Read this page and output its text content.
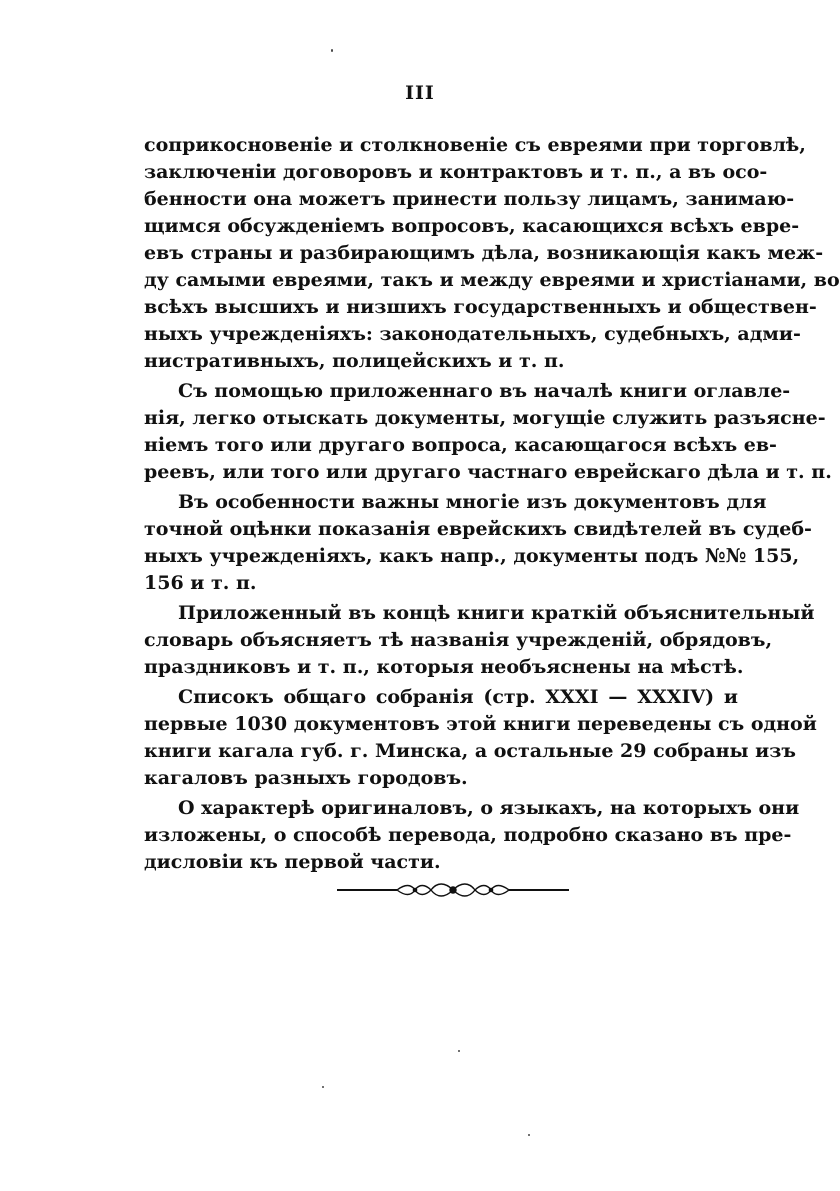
III
соприкосновеніе и столкновеніе съ евреями при торговлѣ,
заключеніи договоровъ и контрактовъ и т. п., а въ осо-
бенности она можетъ принести пользу лицамъ, занимаю-
щимся обсужденіемъ вопросовъ, касающихся всѣхъ евре-
евъ страны и разбирающимъ дѣла, возникающія какъ меж-
ду самыми евреями, такъ и между евреями и христіанами, во
всѣхъ высшихъ и низшихъ государственныхъ и обществен-
ныхъ учрежденіяхъ: законодательныхъ, судебныхъ, адми-
нистративныхъ, полицейскихъ и т. п.
Съ помощью приложеннаго въ началѣ книги оглавле-
нія, легко отыскать документы, могущіе служить разъясне-
ніемъ того или другаго вопроса, касающагося всѣхъ ев-
реевъ, или того или другаго частнаго еврейскаго дѣла и т. п.
Въ особенности важны многіе изъ документовъ для
точной оцѣнки показанія еврейскихъ свидѣтелей въ судеб-
ныхъ учрежденіяхъ, какъ напр., документы подъ №№ 155,
156 и т. п.
Приложенный въ концѣ книги краткій объяснительный
словарь объясняетъ тѣ названія учрежденій, обрядовъ,
праздниковъ и т. п., которыя необъяснены на мѣстѣ.
Списокъ общаго собранія (стр. XXXI — XXXIV) и
первые 1030 документовъ этой книги переведены съ одной
книги кагала губ. г. Минска, а остальные 29 собраны изъ
кагаловъ разныхъ городовъ.
О характерѣ оригиналовъ, о языкахъ, на которыхъ они
изложены, о способѣ перевода, подробно сказано въ пре-
дисловіи къ первой части.
